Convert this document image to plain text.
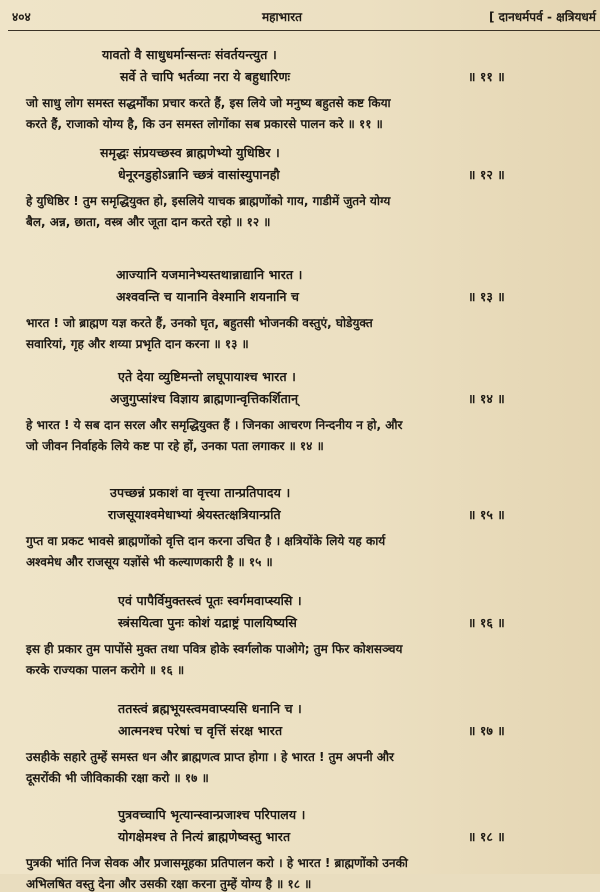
४०४	महाभारत	[ दानधर्मपर्व - क्षत्रियधर्म
यावतो वै साधुधर्मान्सन्तः संवर्तयन्त्युत ।
सर्वे ते चापि भर्तव्या नरा ये बहुधारिणः	॥ ११ ॥
जो साधु लोग समस्त सद्धर्मोंका प्रचार करते हैं, इस लिये जो मनुष्य बहुतसे कष्ट किया
करते हैं, राजाको योग्य है, कि उन समस्त लोगोंका सब प्रकारसे पालन करे ॥ ११ ॥
समृद्धः संप्रयच्छस्व ब्राह्मणेभ्यो युधिष्ठिर ।
धेनूरनडुहोऽन्नानि च्छत्रं वासांस्युपानहौ	॥ १२ ॥
हे युधिष्ठिर ! तुम समृद्धियुक्त हो, इसलिये याचक ब्राह्मणोंको गाय, गाडीमें जुतने योग्य
बैल, अन्न, छाता, वस्त्र और जूता दान करते रहो ॥ १२ ॥
आज्यानि यजमानेभ्यस्तथान्नाद्यानि भारत ।
अश्ववन्ति च यानानि वेश्मानि शयनानि च	॥ १३ ॥
भारत ! जो ब्राह्मण यज्ञ करते हैं, उनको घृत, बहुतसी भोजनकी वस्तुएं, घोडेयुक्त
सवारियां, गृह और शय्या प्रभृति दान करना ॥ १३ ॥
एते देया व्युष्टिमन्तो लघूपायाश्च भारत ।
अजुगुप्सांश्च विज्ञाय ब्राह्मणान्वृत्तिकर्शितान्	॥ १४ ॥
हे भारत ! ये सब दान सरल और समृद्धियुक्त हैं । जिनका आचरण निन्दनीय न हो, और
जो जीवन निर्वाहके लिये कष्ट पा रहे हों, उनका पता लगाकर ॥ १४ ॥
उपच्छन्नं प्रकाशं वा वृत्त्या तान्प्रतिपादय ।
राजसूयाश्वमेधाभ्यां श्रेयस्तत्क्षत्रियान्प्रति	॥ १५ ॥
गुप्त वा प्रकट भावसे ब्राह्मणोंको वृत्ति दान करना उचित है । क्षत्रियोंके लिये यह कार्य
अश्वमेध और राजसूय यज्ञोंसे भी कल्याणकारी है ॥ १५ ॥
एवं पापैर्विमुक्तस्त्वं पूतः स्वर्गमवाप्स्यसि ।
स्त्रंसयित्वा पुनः कोशं यद्राष्ट्रं पालयिष्यसि	॥ १६ ॥
इस ही प्रकार तुम पापोंसे मुक्त तथा पवित्र होके स्वर्गलोक पाओगे; तुम फिर कोशसञ्चय
करके राज्यका पालन करोगे ॥ १६ ॥
ततस्त्वं ब्रह्मभूयस्त्वमवाप्स्यसि धनानि च ।
आत्मनश्च परेषां च वृत्तिं संरक्ष भारत	॥ १७ ॥
उसहीके सहारे तुम्हें समस्त धन और ब्राह्मणत्व प्राप्त होगा । हे भारत ! तुम अपनी और
दूसरोंकी भी जीविकाकी रक्षा करो ॥ १७ ॥
पुत्रवच्चापि भृत्यान्स्वान्प्रजाश्च परिपालय ।
योगक्षेमश्च ते नित्यं ब्राह्मणेष्वस्तु भारत	॥ १८ ॥
पुत्रकी भांति निज सेवक और प्रजासमूहका प्रतिपालन करो । हे भारत ! ब्राह्मणोंको उनकी
अभिलषित वस्तु देना और उसकी रक्षा करना तुम्हें योग्य है ॥ १८ ॥
